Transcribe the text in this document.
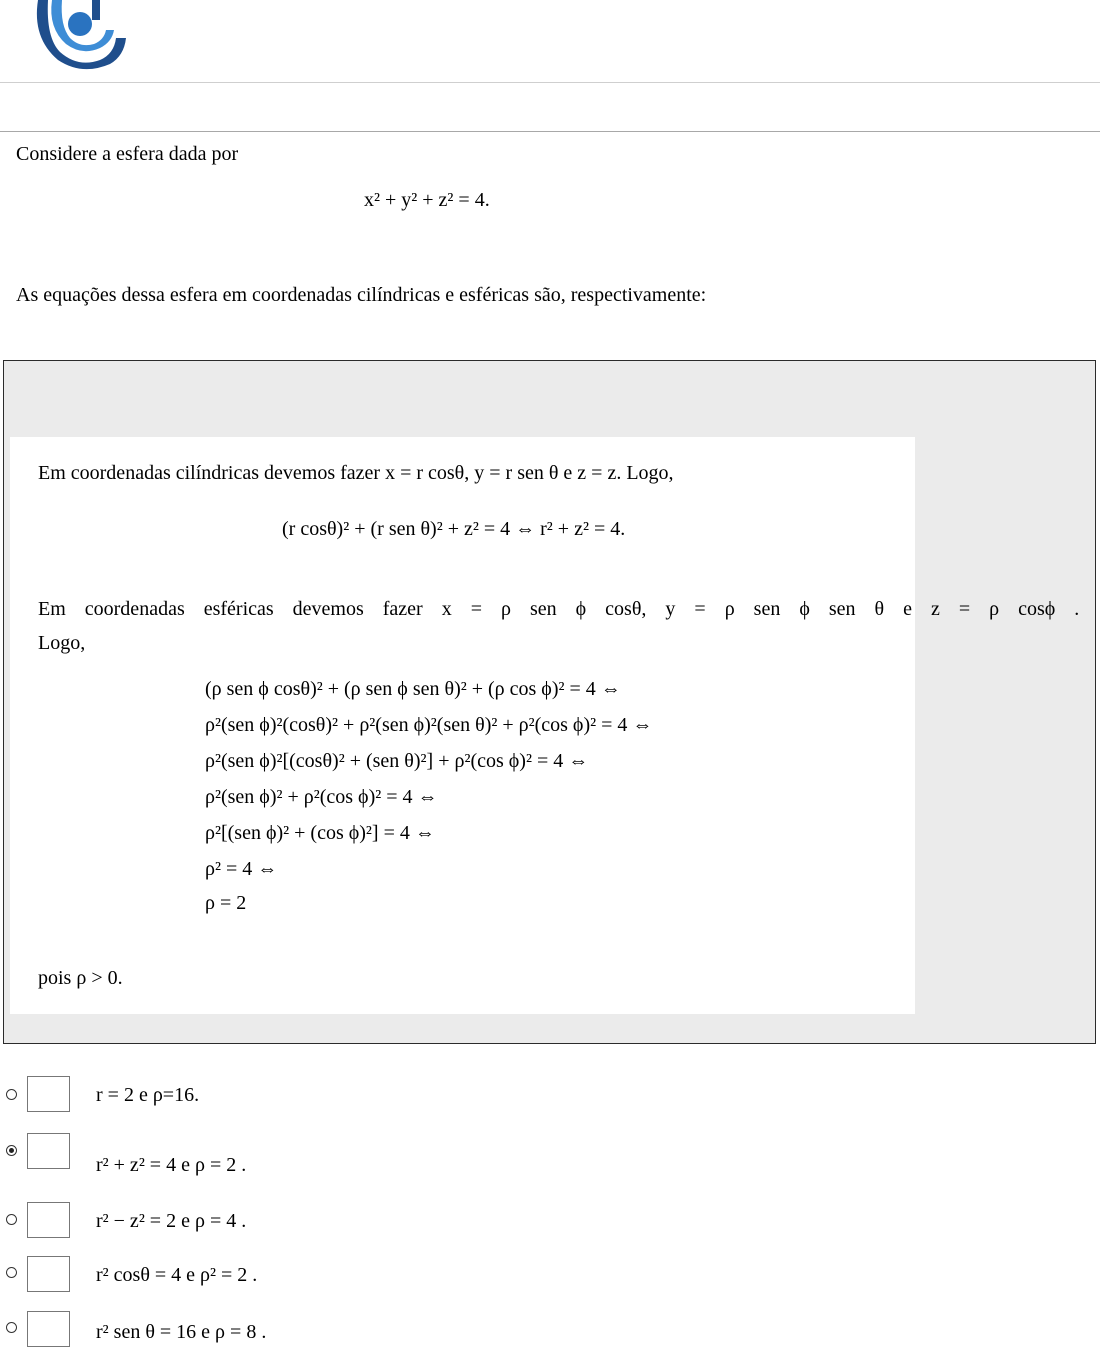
Considere a esfera dada por
x² + y² + z² = 4.
As equações dessa esfera em coordenadas cilíndricas e esféricas são, respectivamente:
Em coordenadas cilíndricas devemos fazer x = r cosθ, y = r sen θ e z = z. Logo,
(r cosθ)² + (r sen θ)² + z² = 4 ⇔ r² + z² = 4.
Em coordenadas esféricas devemos fazer x = ρ sen ϕ cosθ, y = ρ sen ϕ sen θ e z = ρ cosϕ .
Logo,
(ρ sen ϕ cosθ)² + (ρ sen ϕ sen θ)² + (ρ cos ϕ)² = 4 ⇔
ρ²(sen ϕ)²(cosθ)² + ρ²(sen ϕ)²(sen θ)² + ρ²(cos ϕ)² = 4 ⇔
ρ²(sen ϕ)²[(cosθ)² + (sen θ)²] + ρ²(cos ϕ)² = 4 ⇔
ρ²(sen ϕ)² + ρ²(cos ϕ)² = 4 ⇔
ρ²[(sen ϕ)² + (cos ϕ)²] = 4 ⇔
ρ² = 4 ⇔
ρ = 2
pois ρ > 0.
r = 2 e ρ=16.
r² + z² = 4 e ρ = 2 .
r² − z² = 2 e ρ = 4 .
r² cosθ = 4 e ρ² = 2 .
r² sen θ = 16 e ρ = 8 .
